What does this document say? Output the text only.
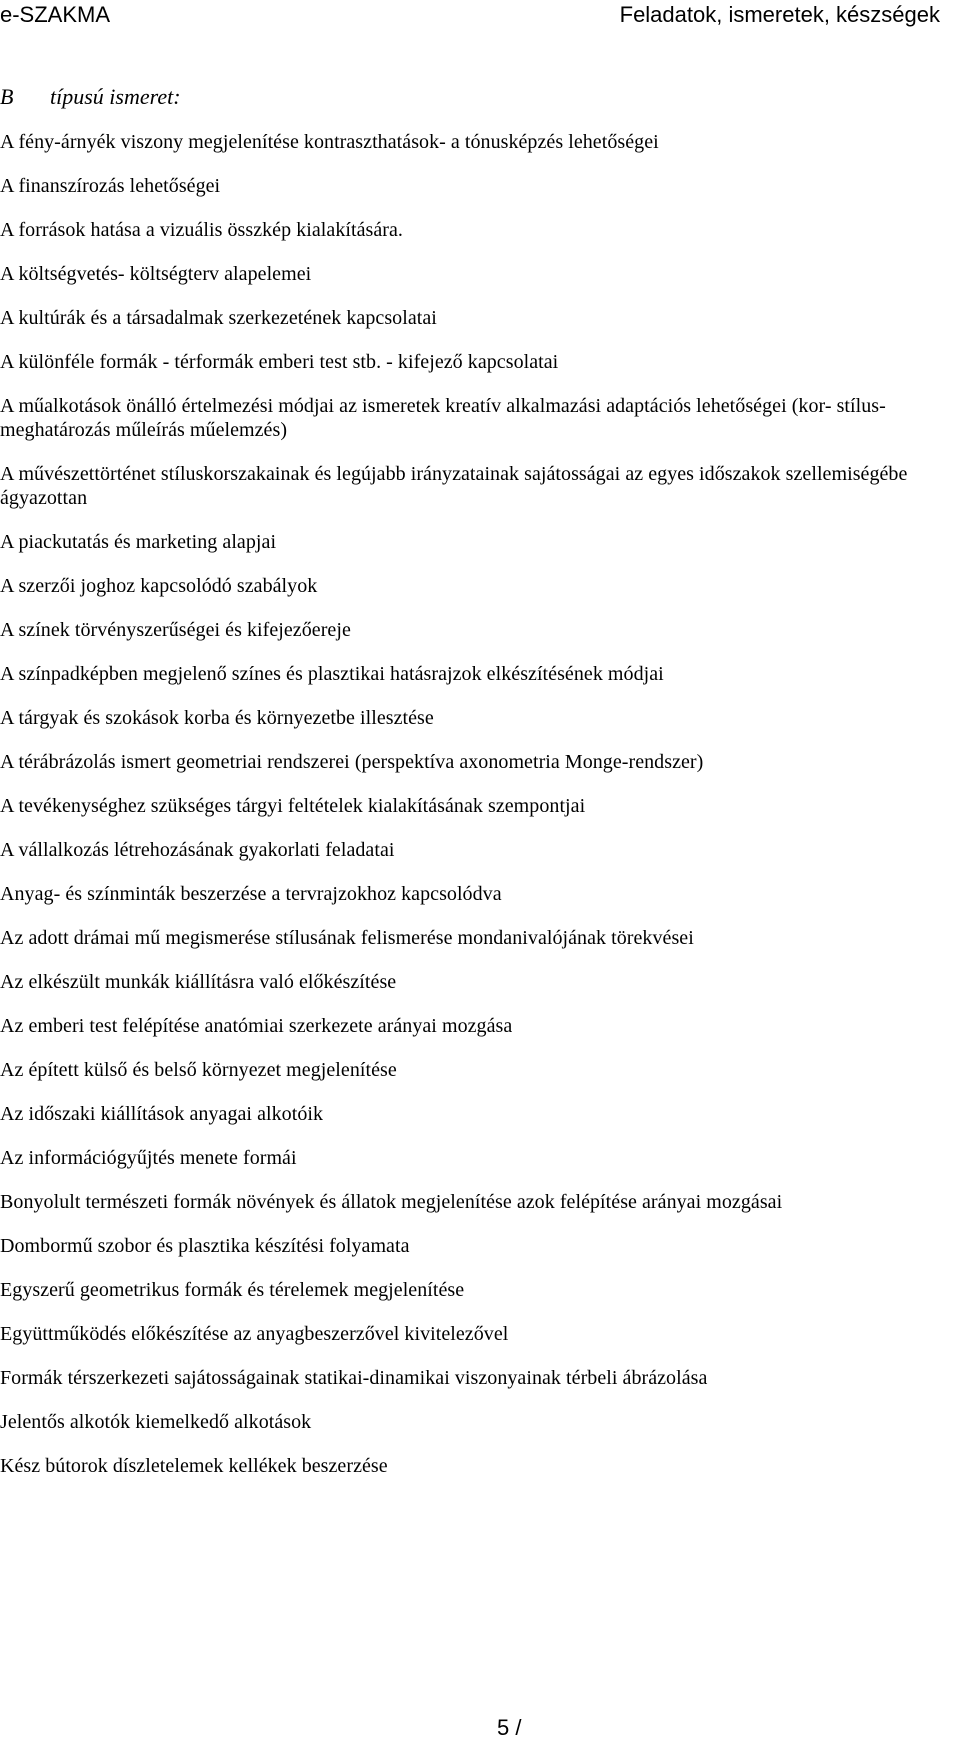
e-SZAKMA	Feladatok, ismeretek, készségek
B típusú ismeret:
A fény-árnyék viszony megjelenítése kontraszthatások- a tónusképzés lehetőségei
A finanszírozás lehetőségei
A források hatása a vizuális összkép kialakítására.
A költségvetés- költségterv alapelemei
A kultúrák és a társadalmak szerkezetének kapcsolatai
A különféle formák - térformák emberi test stb. - kifejező kapcsolatai
A műalkotások önálló értelmezési módjai az ismeretek kreatív alkalmazási adaptációs lehetőségei (kor- stílus-meghatározás műleírás műelemzés)
A művészettörténet stíluskorszakainak és legújabb irányzatainak sajátosságai az egyes időszakok szellemiségébe ágyazottan
A piackutatás és marketing alapjai
A szerzői joghoz kapcsolódó szabályok
A színek törvényszerűségei és kifejezőereje
A színpadképben megjelenő színes és plasztikai hatásrajzok elkészítésének módjai
A tárgyak és szokások korba és környezetbe illesztése
A térábrázolás ismert geometriai rendszerei (perspektíva axonometria Monge-rendszer)
A tevékenységhez szükséges tárgyi feltételek kialakításának szempontjai
A vállalkozás létrehozásának gyakorlati feladatai
Anyag- és színminták beszerzése a tervrajzokhoz kapcsolódva
Az adott drámai mű megismerése stílusának felismerése mondanivalójának törekvései
Az elkészült munkák kiállításra való előkészítése
Az emberi test felépítése anatómiai szerkezete arányai mozgása
Az épített külső és belső környezet megjelenítése
Az időszaki kiállítások anyagai alkotóik
Az információgyűjtés menete formái
Bonyolult természeti formák növények és állatok megjelenítése azok felépítése arányai mozgásai
Dombormű szobor és plasztika készítési folyamata
Egyszerű geometrikus formák és térelemek megjelenítése
Együttműködés előkészítése az anyagbeszerzővel kivitelezővel
Formák térszerkezeti sajátosságainak statikai-dinamikai viszonyainak térbeli ábrázolása
Jelentős alkotók kiemelkedő alkotások
Kész bútorok díszletelemek kellékek beszerzése
5 /
